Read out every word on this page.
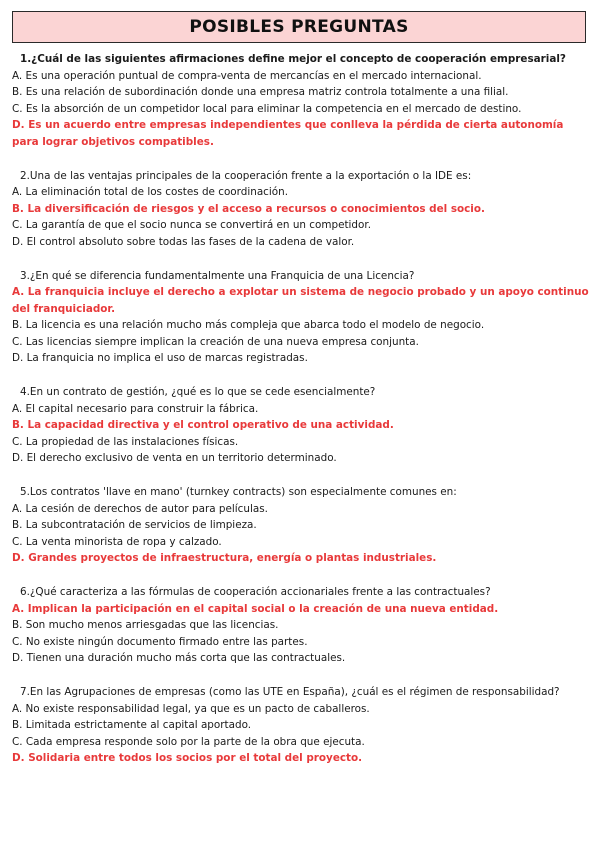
POSIBLES PREGUNTAS
1.¿Cuál de las siguientes afirmaciones define mejor el concepto de cooperación empresarial?

A. Es una operación puntual de compra-venta de mercancías en el mercado internacional.

B. Es una relación de subordinación donde una empresa matriz controla totalmente a una filial.

C. Es la absorción de un competidor local para eliminar la competencia en el mercado de destino.

D. Es un acuerdo entre empresas independientes que conlleva la pérdida de cierta autonomía para lograr objetivos compatibles.

2.Una de las ventajas principales de la cooperación frente a la exportación o la IDE es:

A. La eliminación total de los costes de coordinación.

B. La diversificación de riesgos y el acceso a recursos o conocimientos del socio.

C. La garantía de que el socio nunca se convertirá en un competidor.

D. El control absoluto sobre todas las fases de la cadena de valor.

3.¿En qué se diferencia fundamentalmente una Franquicia de una Licencia?

A. La franquicia incluye el derecho a explotar un sistema de negocio probado y un apoyo continuo del franquiciador.

B. La licencia es una relación mucho más compleja que abarca todo el modelo de negocio.

C. Las licencias siempre implican la creación de una nueva empresa conjunta.

D. La franquicia no implica el uso de marcas registradas.

4.En un contrato de gestión, ¿qué es lo que se cede esencialmente?

A. El capital necesario para construir la fábrica.

B. La capacidad directiva y el control operativo de una actividad.

C. La propiedad de las instalaciones físicas.

D. El derecho exclusivo de venta en un territorio determinado.

5.Los contratos 'llave en mano' (turnkey contracts) son especialmente comunes en:

A. La cesión de derechos de autor para películas.

B. La subcontratación de servicios de limpieza.

C. La venta minorista de ropa y calzado.

D. Grandes proyectos de infraestructura, energía o plantas industriales.

6.¿Qué caracteriza a las fórmulas de cooperación accionariales frente a las contractuales?

A. Implican la participación en el capital social o la creación de una nueva entidad.

B. Son mucho menos arriesgadas que las licencias.

C. No existe ningún documento firmado entre las partes.

D. Tienen una duración mucho más corta que las contractuales.

7.En las Agrupaciones de empresas (como las UTE en España), ¿cuál es el régimen de responsabilidad?

A. No existe responsabilidad legal, ya que es un pacto de caballeros.

B. Limitada estrictamente al capital aportado.

C. Cada empresa responde solo por la parte de la obra que ejecuta.

D. Solidaria entre todos los socios por el total del proyecto.
